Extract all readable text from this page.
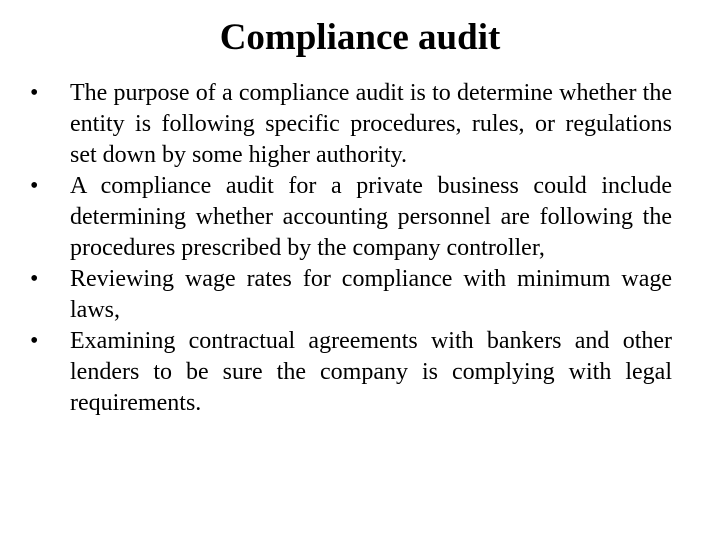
Compliance audit
•	The purpose of a compliance audit is to determine whether the entity is following specific procedures, rules, or regulations set down by some higher authority.
•	A compliance audit for a private business could include determining whether accounting personnel are following the procedures prescribed by the company controller,
•	Reviewing wage rates for compliance with minimum wage laws,
•	Examining contractual agreements with bankers and other lenders to be sure the company is complying with legal requirements.
